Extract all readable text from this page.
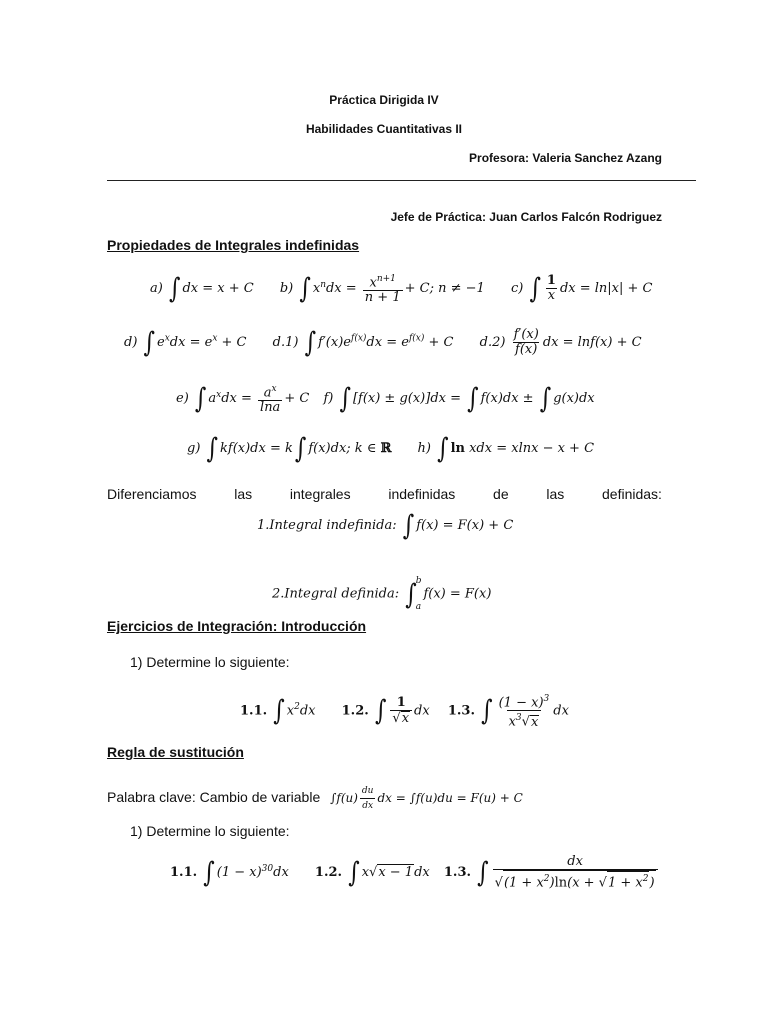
Práctica Dirigida IV
Habilidades Cuantitativas II
Profesora: Valeria Sanchez Azang
Jefe de Práctica: Juan Carlos Falcón Rodriguez
Propiedades de Integrales indefinidas
a) ∫ dx = x + C b) ∫ $x^ndx = \frac{x^{n+1}}{n + 1} + C$; n ≠ −1 c) ∫ $\frac{1}{x}$ dx = ln|x| + C
d) ∫ $e^xdx = e^x + C$ d.1) ∫ $f'(x)e^{f(x)}dx = e^{f(x)} + C$ $d.2) \frac{f'(x)}{f(x)}$ dx = lnf(x) + C
e) ∫ $a^xdx = \frac{a^x}{\ln a} + C$ f) ∫ [f(x) ± g(x)]dx = ∫ f(x)dx ± ∫ g(x)dx
g) ∫ kf(x)dx = k∫ f(x)dx; k ∈ ℝ h) ∫ ln xdx = xlnx − x + C
Diferenciamos	las	integrales	indefinidas	de	las	definidas:
1.Integral indefinida: ∫ f(x) = F(x) + C
2.Integral definida: ∫ b
a
f(x) = F(x)
Ejercicios de Integración: Introducción
1) Determine lo siguiente:
1.1. ∫ $x^2dx$ 1.2. ∫ $\frac{1}{√x}$ dx 1.3. ∫ $\frac{(1 - x)^3}{x^3√x}$ dx
Regla de sustitución
Palabra clave: Cambio de variable $\int f(u) \frac{du}{dx}$ dx = ∫f(u)du = F(u) + C
1) Determine lo siguiente:
1.1. ∫ $(1 - x)^{30}dx$ 1.2. ∫ x√x − 1dx 1.3. ∫ $\frac{dx}{√(1 + x^2)\ln(x + √1 + x^2)}$
